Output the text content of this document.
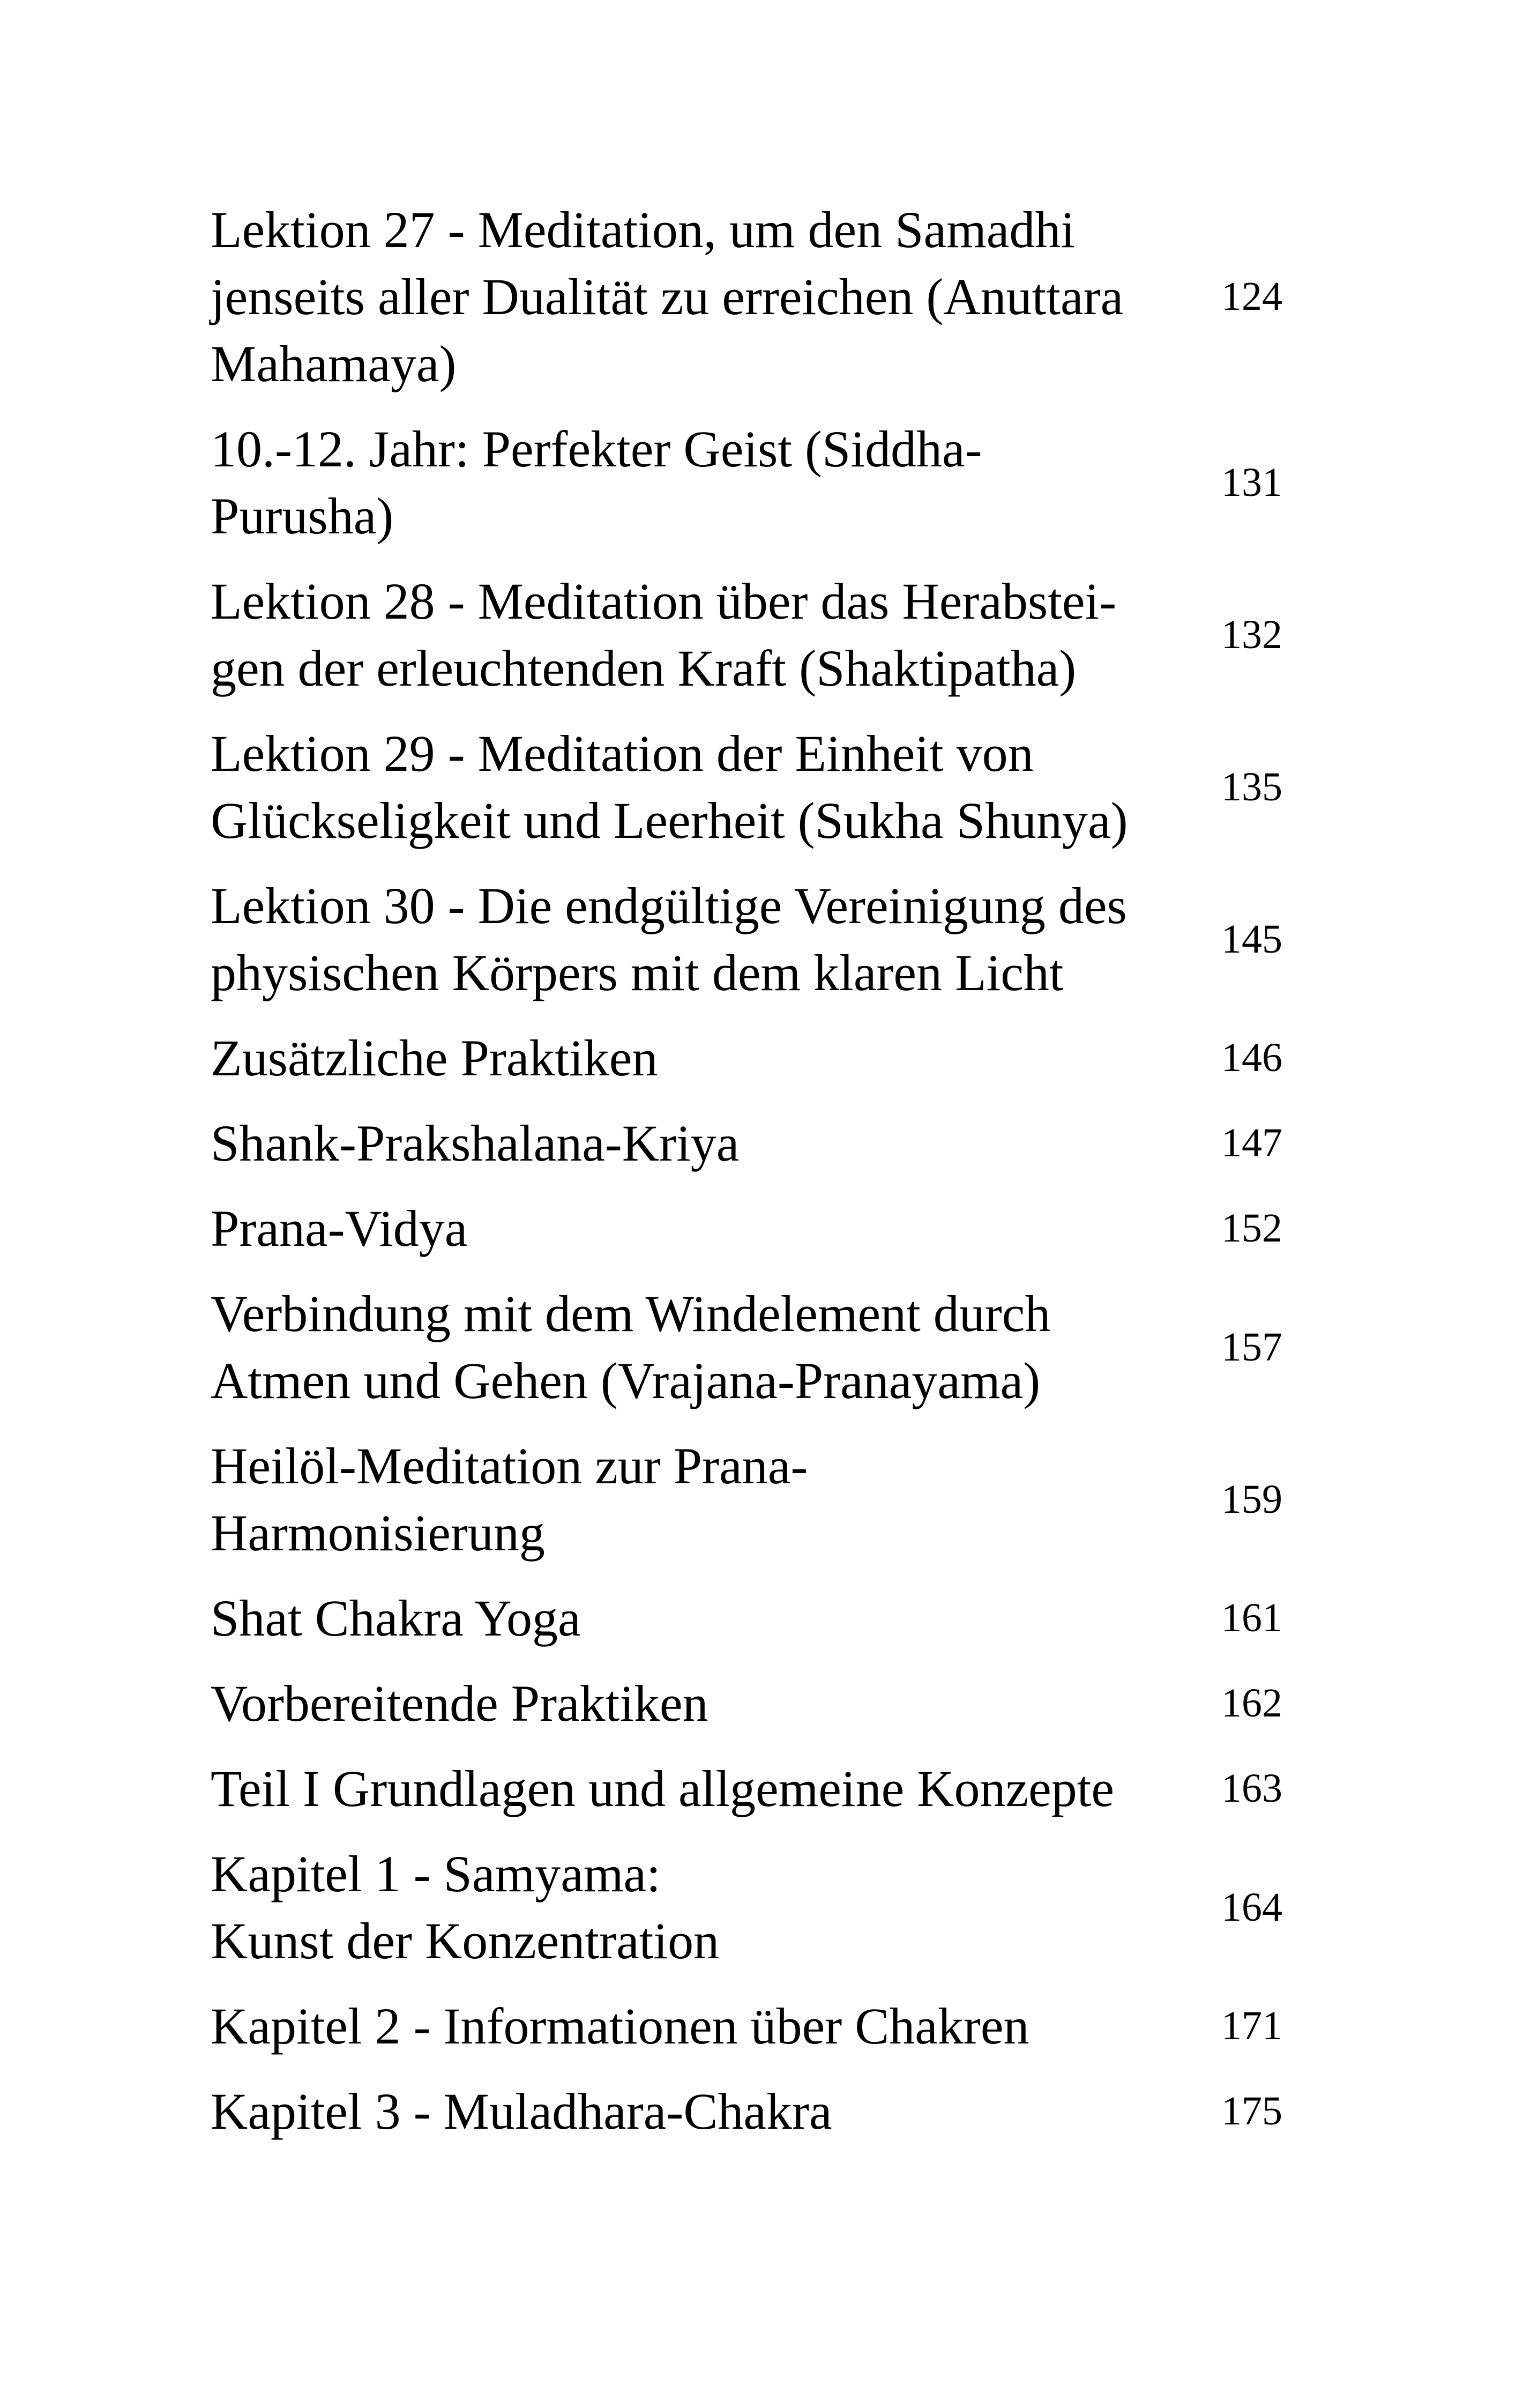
Lektion 27 - Meditation, um den Samadhi
jenseits aller Dualität zu erreichen (Anuttara
Mahamaya)
124
10.-12. Jahr: Perfekter Geist (Siddha-
Purusha)
131
Lektion 28 - Meditation über das Herabstei-
gen der erleuchtenden Kraft (Shaktipatha)
132
Lektion 29 - Meditation der Einheit von
Glückseligkeit und Leerheit (Sukha Shunya)
135
Lektion 30 - Die endgültige Vereinigung des
physischen Körpers mit dem klaren Licht
145
Zusätzliche Praktiken	146
Shank-Prakshalana-Kriya	147
Prana-Vidya	152
Verbindung mit dem Windelement durch
Atmen und Gehen (Vrajana-Pranayama)
157
Heilöl-Meditation zur Prana-
Harmonisierung
159
Shat Chakra Yoga	161
Vorbereitende Praktiken	162
Teil I Grundlagen und allgemeine Konzepte	163
Kapitel 1 - Samyama:
Kunst der Konzentration
164
Kapitel 2 - Informationen über Chakren	171
Kapitel 3 - Muladhara-Chakra	175
